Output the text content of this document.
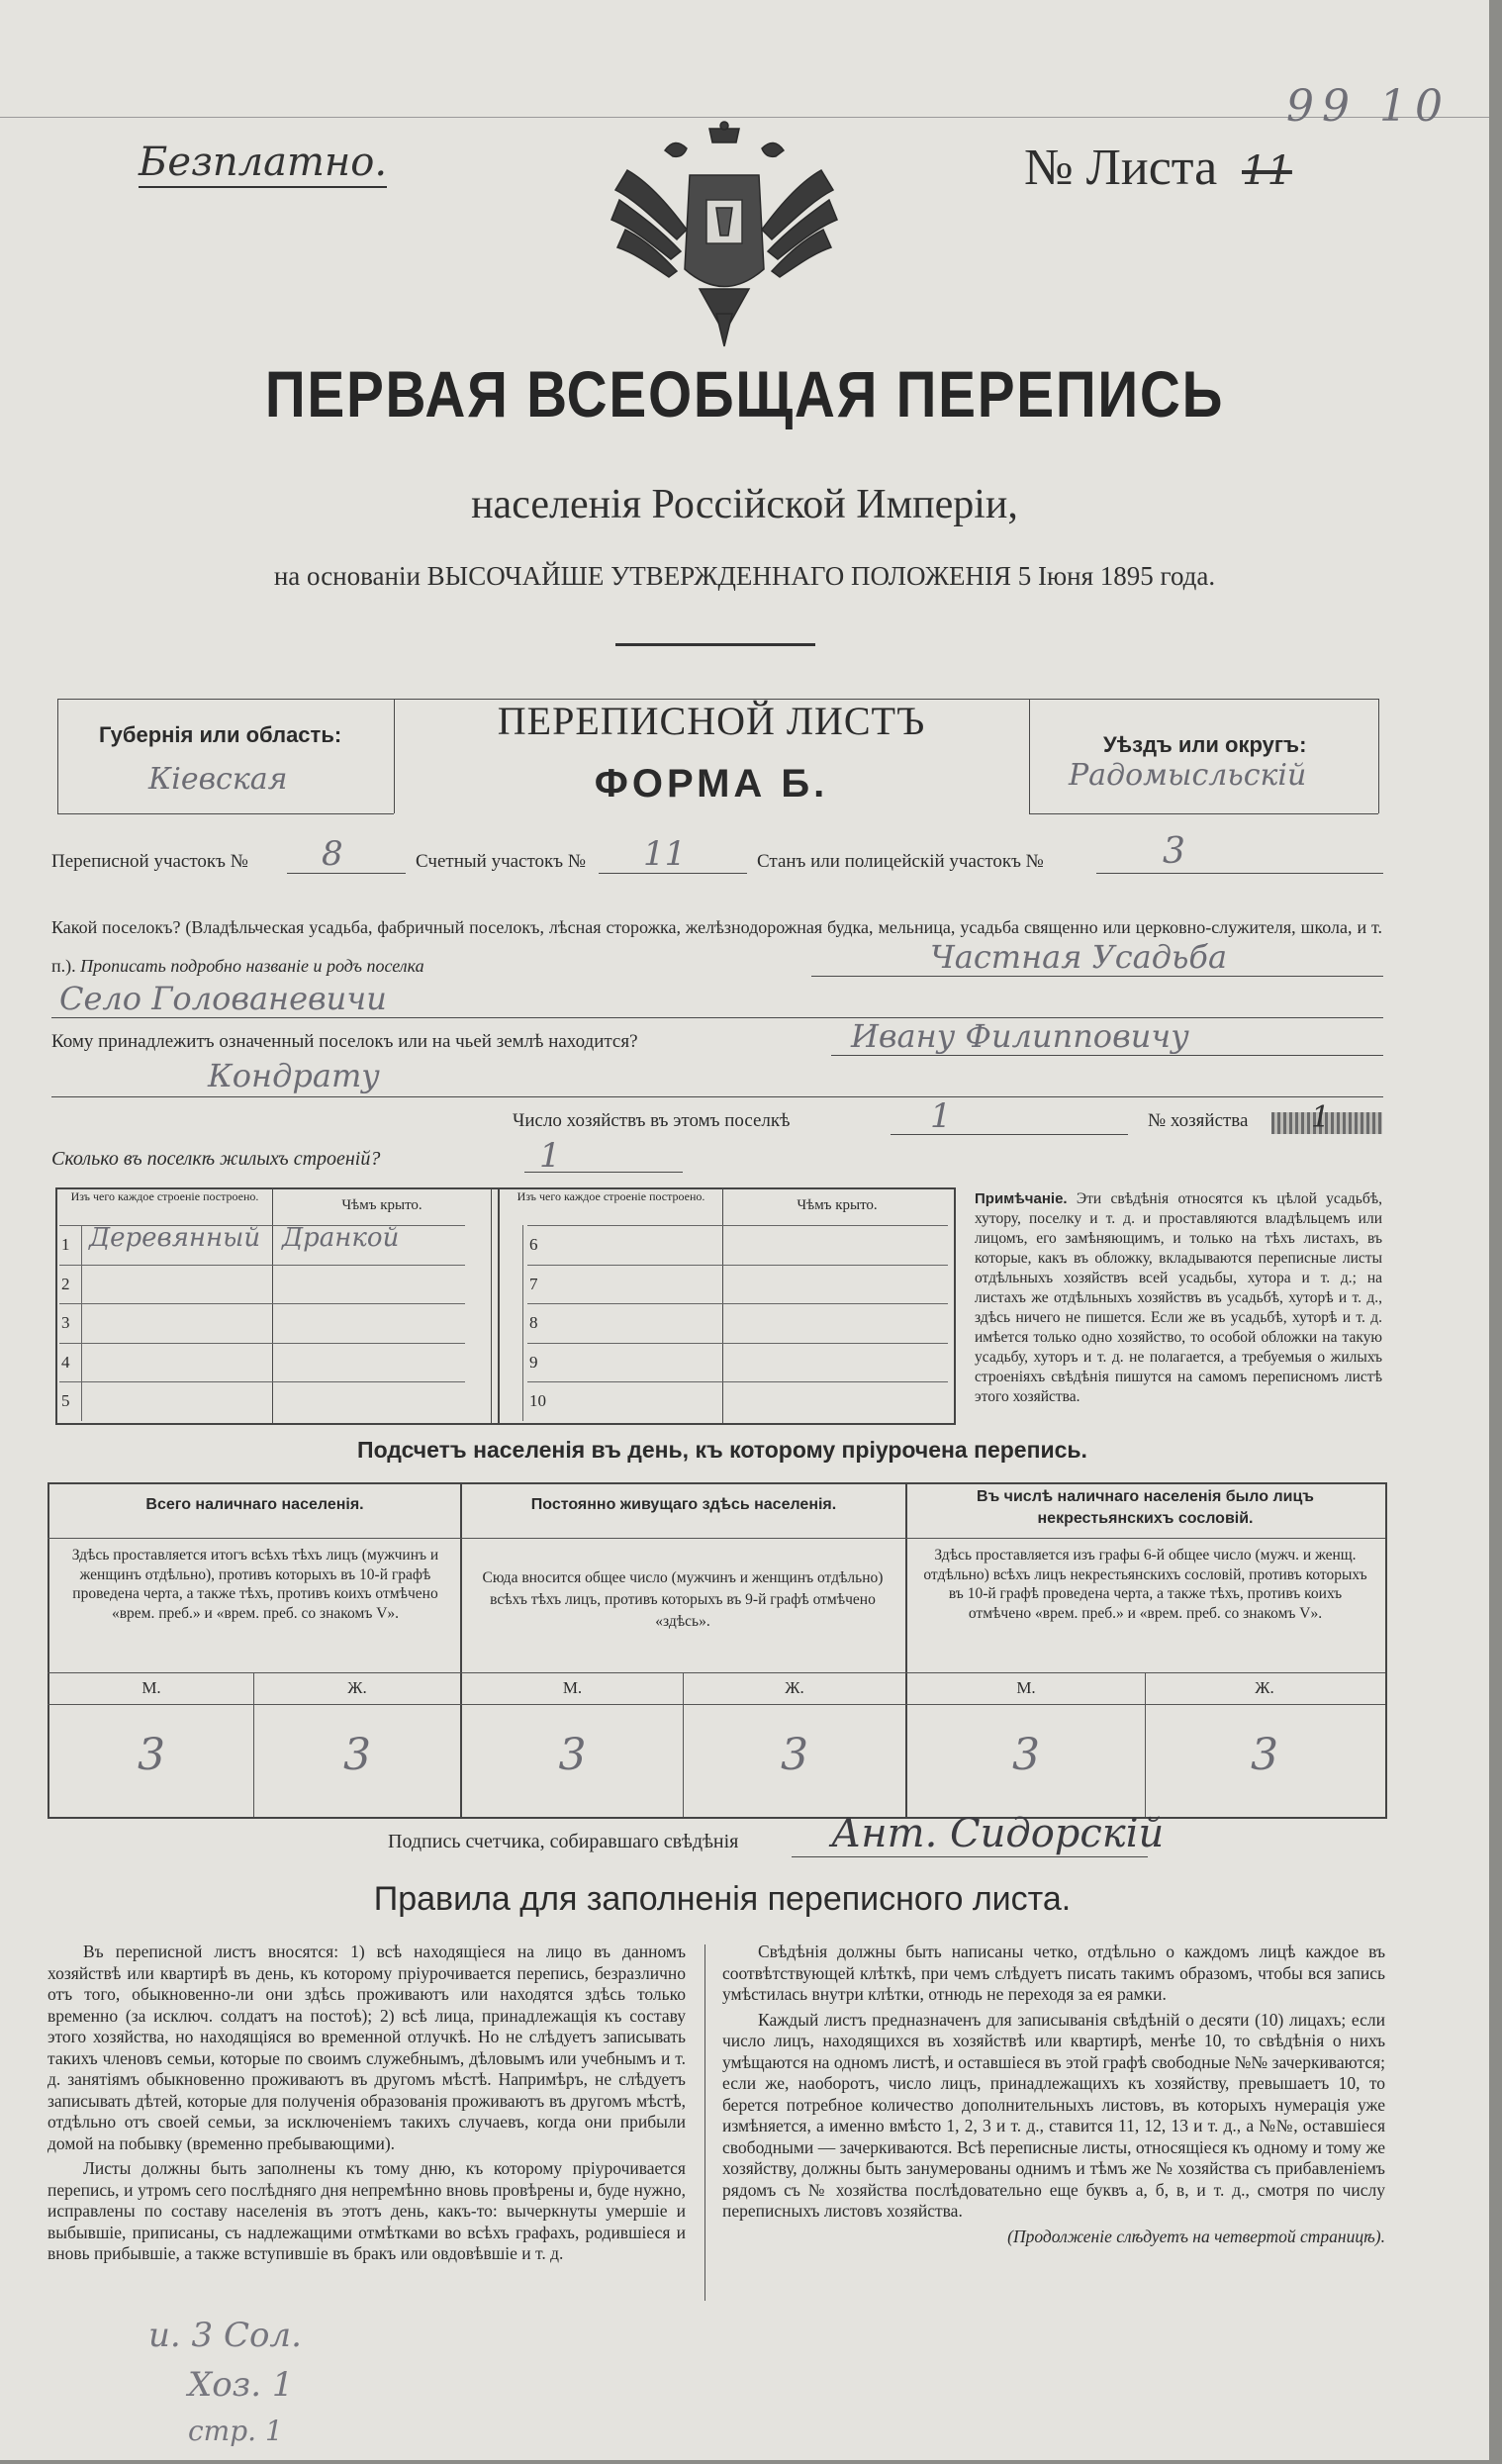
Безплатно.	№ Листа 11
99 10
ПЕРВАЯ ВСЕОБЩАЯ ПЕРЕПИСЬ
населенія Россійской Имперіи,
на основаніи ВЫСОЧАЙШЕ УТВЕРЖДЕННАГО ПОЛОЖЕНІЯ 5 Іюня 1895 года.
Губернія или область:
Кіевская
ПЕРЕПИСНОЙ ЛИСТЪ
ФОРМА Б.
Уѣздъ или округъ:
Радомысльскій
Переписной участокъ № 8	Счетный участокъ № 11	Станъ или полицейскій участокъ №	3
Какой поселокъ? (Владѣльческая усадьба, фабричный поселокъ, лѣсная сторожка, желѣзнодорожная будка, мельница, усадьба священно или церковно-служителя, школа, и т. п.). Прописать подробно названіе и родъ поселка	Частная Усадьба
Село Голованевичи
Кому принадлежитъ означенный поселокъ или на чьей землѣ находится?	Ивану Филипповичу
Кондрату
Число хозяйствъ въ этомъ поселкѣ	1	№ хозяйства 1
Сколько въ поселкѣ жилыхъ строеній?	1
Изъ чего каждое строеніе построено.
Чѣмъ крыто.
Изъ чего каждое строеніе построено.
Чѣмъ крыто.
1 Деревянный Дранкой
2
3
4
5
6
7
8
9
10
Примѣчаніе. Эти свѣдѣнія относятся къ цѣлой усадьбѣ, хутору, поселку и т. д. и проставляются владѣльцемъ или лицомъ, его замѣняющимъ, и только на тѣхъ листахъ, въ которые, какъ въ обложку, вкладываются переписные листы отдѣльныхъ хозяйствъ всей усадьбы, хутора и т. д.; на листахъ же отдѣльныхъ хозяйствъ въ усадьбѣ, хуторѣ и т. д., здѣсь ничего не пишется. Если же въ усадьбѣ, хуторѣ и т. д. имѣется только одно хозяйство, то особой обложки на такую усадьбу, хуторъ и т. д. не полагается, а требуемыя о жилыхъ строеніяхъ свѣдѣнія пишутся на самомъ переписномъ листѣ этого хозяйства.
Подсчетъ населенія въ день, къ которому пріурочена перепись.
Всего наличнаго населенія.	Постоянно живущаго здѣсь населенія.	Въ числѣ наличнаго населенія было лицъ некрестьянскихъ сословій.
Здѣсь проставляется итогъ всѣхъ тѣхъ лицъ (мужчинъ и женщинъ отдѣльно), противъ которыхъ въ 10-й графѣ проведена черта, а также тѣхъ, противъ коихъ отмѣчено «врем. преб.» и «врем. преб. со знакомъ V».
Сюда вносится общее число (мужчинъ и женщинъ отдѣльно) всѣхъ тѣхъ лицъ, противъ которыхъ въ 9-й графѣ отмѣчено «здѣсь».
Здѣсь проставляется изъ графы 6-й общее число (мужч. и женщ. отдѣльно) всѣхъ лицъ некрестьянскихъ сословій, противъ которыхъ въ 10-й графѣ проведена черта, а также тѣхъ, противъ коихъ отмѣчено «врем. преб.» и «врем. преб. со знакомъ V».
М.	Ж.	М.	Ж.	М.	Ж.
3	3	3	3	3	3
Подпись счетчика, собиравшаго свѣдѣнія Ант. Сидорскій
Правила для заполненія переписного листа.
Въ переписной листъ вносятся: 1) всѣ находящіеся на лицо въ данномъ хозяйствѣ или квартирѣ въ день, къ которому пріурочивается перепись, безразлично отъ того, обыкновенно-ли они здѣсь проживаютъ или находятся здѣсь только временно (за исключ. солдатъ на постоѣ); 2) всѣ лица, принадлежащія къ составу этого хозяйства, но находящіяся во временной отлучкѣ. Но не слѣдуетъ записывать такихъ членовъ семьи, которые по своимъ служебнымъ, дѣловымъ или учебнымъ и т. д. занятіямъ обыкновенно проживаютъ въ другомъ мѣстѣ. Напримѣръ, не слѣдуетъ записывать дѣтей, которые для полученія образованія проживаютъ въ другомъ мѣстѣ, отдѣльно отъ своей семьи, за исключеніемъ такихъ случаевъ, когда они прибыли домой на побывку (временно пребывающими).
Листы должны быть заполнены къ тому дню, къ которому пріурочивается перепись, и утромъ сего послѣдняго дня непремѣнно вновь провѣрены и, буде нужно, исправлены по составу населенія въ этотъ день, какъ-то: вычеркнуты умершіе и выбывшіе, приписаны, съ надлежащими отмѣтками во всѣхъ графахъ, родившіеся и вновь прибывшіе, а также вступившіе въ бракъ или овдовѣвшіе и т. д.
Свѣдѣнія должны быть написаны четко, отдѣльно о каждомъ лицѣ каждое въ соотвѣтствующей клѣткѣ, при чемъ слѣдуетъ писать такимъ образомъ, чтобы вся запись умѣстилась внутри клѣтки, отнюдь не переходя за ея рамки.
Каждый листъ предназначенъ для записыванія свѣдѣній о десяти (10) лицахъ; если число лицъ, находящихся въ хозяйствѣ или квартирѣ, менѣе 10, то свѣдѣнія о нихъ умѣщаются на одномъ листѣ, и оставшіеся въ этой графѣ свободные №№ зачеркиваются; если же, наоборотъ, число лицъ, принадлежащихъ къ хозяйству, превышаетъ 10, то берется потребное количество дополнительныхъ листовъ, въ которыхъ нумерація уже измѣняется, а именно вмѣсто 1, 2, 3 и т. д., ставится 11, 12, 13 и т. д., а №№, оставшіеся свободными — зачеркиваются. Всѣ переписные листы, относящіеся къ одному и тому же хозяйству, должны быть занумерованы однимъ и тѣмъ же № хозяйства съ прибавленіемъ рядомъ съ № хозяйства послѣдовательно еще буквъ а, б, в, и т. д., смотря по числу переписныхъ листовъ хозяйства.
(Продолженіе слѣдуетъ на четвертой страницѣ).
и. 3 Сол.
Хоз. 1
стр. 1
